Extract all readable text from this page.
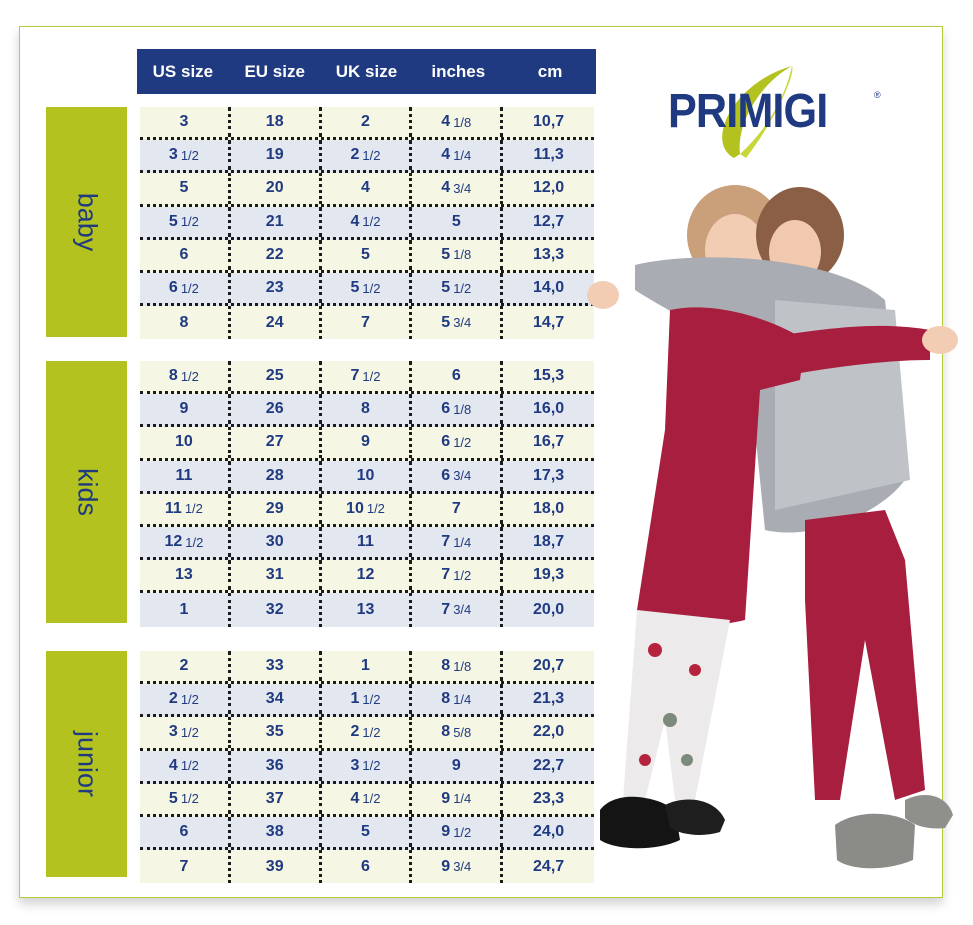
US size	EU size	UK size	inches	cm
baby
kids
junior
3	18	2	4 1/8	10,7
3 1/2	19	2 1/2	4 1/4	11,3
5	20	4	4 3/4	12,0
5 1/2	21	4 1/2	5	12,7
6	22	5	5 1/8	13,3
6 1/2	23	5 1/2	5 1/2	14,0
8	24	7	5 3/4	14,7
8 1/2	25	7 1/2	6	15,3
9	26	8	6 1/8	16,0
10	27	9	6 1/2	16,7
11	28	10	6 3/4	17,3
11 1/2	29	10 1/2	7	18,0
12 1/2	30	11	7 1/4	18,7
13	31	12	7 1/2	19,3
1	32	13	7 3/4	20,0
2	33	1	8 1/8	20,7
2 1/2	34	1 1/2	8 1/4	21,3
3 1/2	35	2 1/2	8 5/8	22,0
4 1/2	36	3 1/2	9	22,7
5 1/2	37	4 1/2	9 1/4	23,3
6	38	5	9 1/2	24,0
7	39	6	9 3/4	24,7
PRIMIGI	®
